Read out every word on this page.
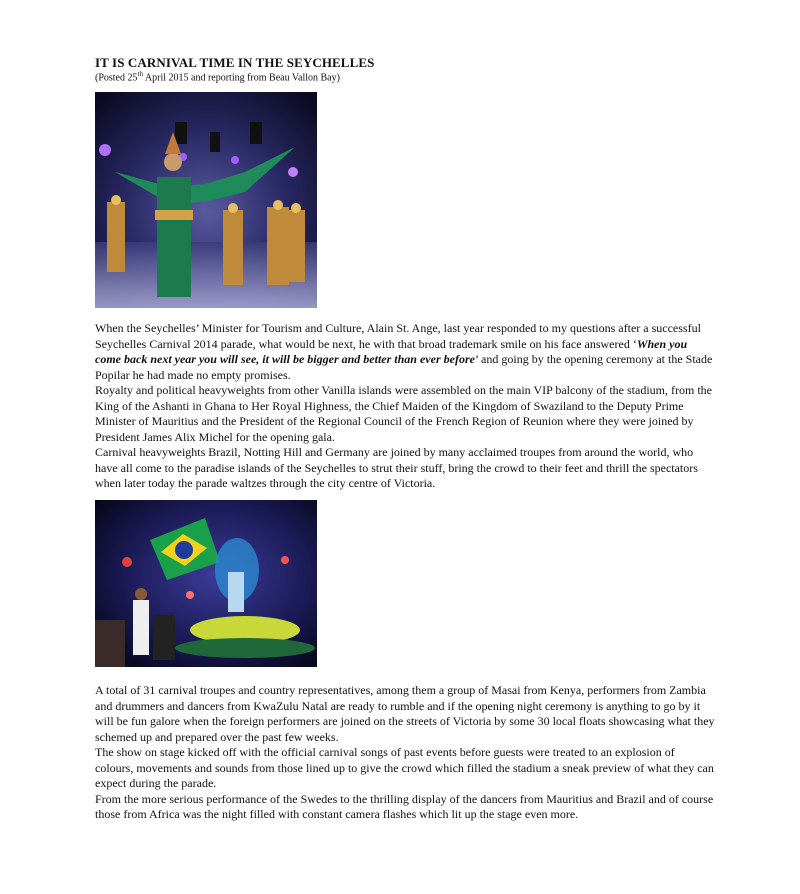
IT IS CARNIVAL TIME IN THE SEYCHELLES
(Posted 25th April 2015 and reporting from Beau Vallon Bay)

When the Seychelles’ Minister for Tourism and Culture, Alain St. Ange, last year responded to my questions after a successful Seychelles Carnival 2014 parade, what would be next, he with that broad trademark smile on his face answered ‘When you come back next year you will see, it will be bigger and better than ever before’ and going by the opening ceremony at the Stade Popilar he had made no empty promises.

Royalty and political heavyweights from other Vanilla islands were assembled on the main VIP balcony of the stadium, from the King of the Ashanti in Ghana to Her Royal Highness, the Chief Maiden of the Kingdom of Swaziland to the Deputy Prime Minister of Mauritius and the President of the Regional Council of the French Region of Reunion where they were joined by President James Alix Michel for the opening gala.

Carnival heavyweights Brazil, Notting Hill and Germany are joined by many acclaimed troupes from around the world, who have all come to the paradise islands of the Seychelles to strut their stuff, bring the crowd to their feet and thrill the spectators when later today the parade waltzes through the city centre of Victoria.

A total of 31 carnival troupes and country representatives, among them a group of Masai from Kenya, performers from Zambia and drummers and dancers from KwaZulu Natal are ready to rumble and if the opening night ceremony is anything to go by it will be fun galore when the foreign performers are joined on the streets of Victoria by some 30 local floats showcasing what they schemed up and prepared over the past few weeks.

The show on stage kicked off with the official carnival songs of past events before guests were treated to an explosion of colours, movements and sounds from those lined up to give the crowd which filled the stadium a sneak preview of what they can expect during the parade.

From the more serious performance of the Swedes to the thrilling display of the dancers from Mauritius and Brazil and of course those from Africa was the night filled with constant camera flashes which lit up the stage even more.
